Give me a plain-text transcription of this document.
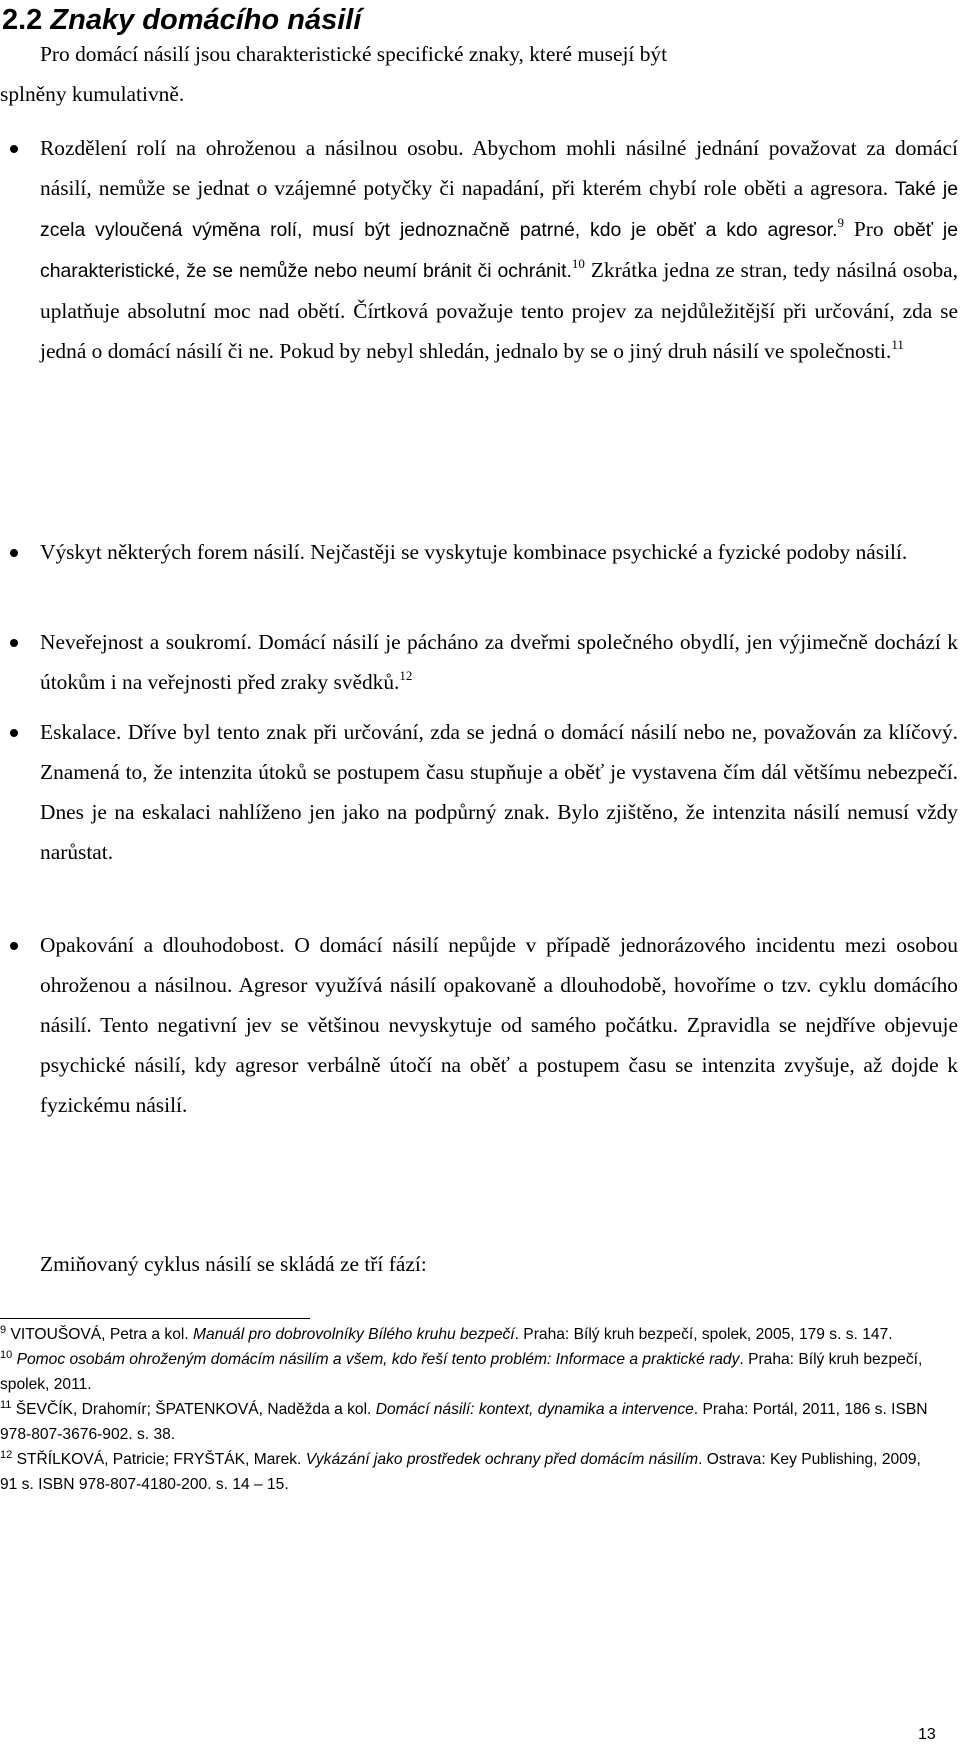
2.2 Znaky domácího násilí
Pro domácí násilí jsou charakteristické specifické znaky, které musejí být
splněny kumulativně.
Rozdělení rolí na ohroženou a násilnou osobu. Abychom mohli násilné jednání považovat za domácí násilí, nemůže se jednat o vzájemné potyčky či napadání, při kterém chybí role oběti a agresora. Také je zcela vyloučená výměna rolí, musí být jednoznačně patrné, kdo je oběť a kdo agresor.$^9$ Pro oběť je charakteristické, že se nemůže nebo neumí bránit či ochránit.$^{10}$ Zkrátka jedna ze stran, tedy násilná osoba, uplatňuje absolutní moc nad obětí. Čírtková považuje tento projev za nejdůležitější při určování, zda se jedná o domácí násilí či ne. Pokud by nebyl shledán, jednalo by se o jiný druh násilí ve společnosti.$^{11}$
Výskyt některých forem násilí. Nejčastěji se vyskytuje kombinace psychické a fyzické podoby násilí.
Neveřejnost a soukromí. Domácí násilí je pácháno za dveřmi společného obydlí, jen výjimečně dochází k útokům i na veřejnosti před zraky svědků.$^{12}$
Eskalace. Dříve byl tento znak při určování, zda se jedná o domácí násilí nebo ne, považován za klíčový. Znamená to, že intenzita útoků se postupem času stupňuje a oběť je vystavena čím dál většímu nebezpečí. Dnes je na eskalaci nahlíženo jen jako na podpůrný znak. Bylo zjištěno, že intenzita násilí nemusí vždy narůstat.
Opakování a dlouhodobost. O domácí násilí nepůjde v případě jednorázového incidentu mezi osobou ohroženou a násilnou. Agresor využívá násilí opakovaně a dlouhodobě, hovoříme o tzv. cyklu domácího násilí. Tento negativní jev se většinou nevyskytuje od samého počátku. Zpravidla se nejdříve objevuje psychické násilí, kdy agresor verbálně útočí na oběť a postupem času se intenzita zvyšuje, až dojde k fyzickému násilí.
Zmiňovaný cyklus násilí se skládá ze tří fází:

$^9$ VITOUŠOVÁ, Petra a kol. Manuál pro dobrovolníky Bílého kruhu bezpečí. Praha: Bílý kruh bezpečí, spolek, 2005, 179 s. s. 147.

$^{10}$ Pomoc osobám ohroženým domácím násilím a všem, kdo řeší tento problém: Informace a praktické rady. Praha: Bílý kruh bezpečí, spolek, 2011.

$^{11}$ ŠEVČÍK, Drahomír; ŠPATENKOVÁ, Naděžda a kol. Domácí násilí: kontext, dynamika a intervence. Praha: Portál, 2011, 186 s. ISBN 978-807-3676-902. s. 38.

$^{12}$ STŘÍLKOVÁ, Patricie; FRYŠTÁK, Marek. Vykázání jako prostředek ochrany před domácím násilím. Ostrava: Key Publishing, 2009, 91 s. ISBN 978-807-4180-200. s. 14 – 15.

13
